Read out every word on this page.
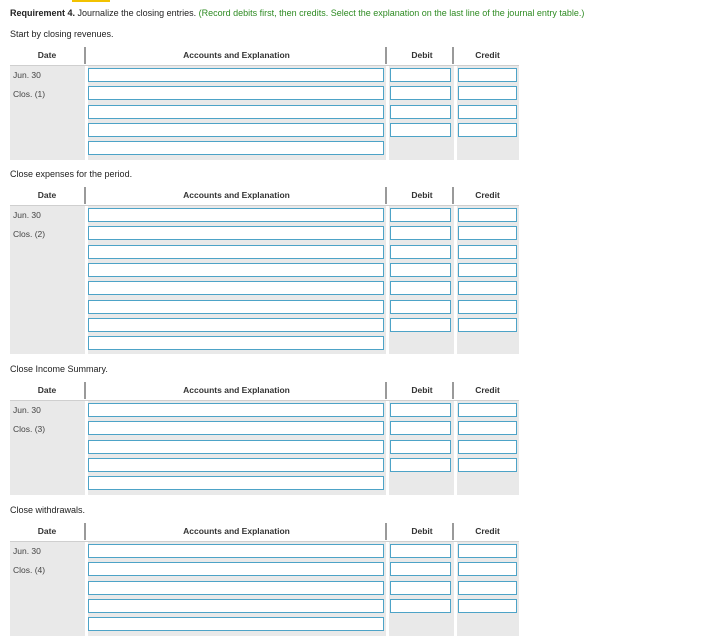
Requirement 4. Journalize the closing entries. (Record debits first, then credits. Select the explanation on the last line of the journal entry table.)
Start by closing revenues.
Date	Accounts and Explanation	Debit	Credit
Jun. 30
Clos. (1)
Close expenses for the period.
Date	Accounts and Explanation	Debit	Credit
Jun. 30
Clos. (2)
Close Income Summary.
Date	Accounts and Explanation	Debit	Credit
Jun. 30
Clos. (3)
Close withdrawals.
Date	Accounts and Explanation	Debit	Credit
Jun. 30
Clos. (4)
